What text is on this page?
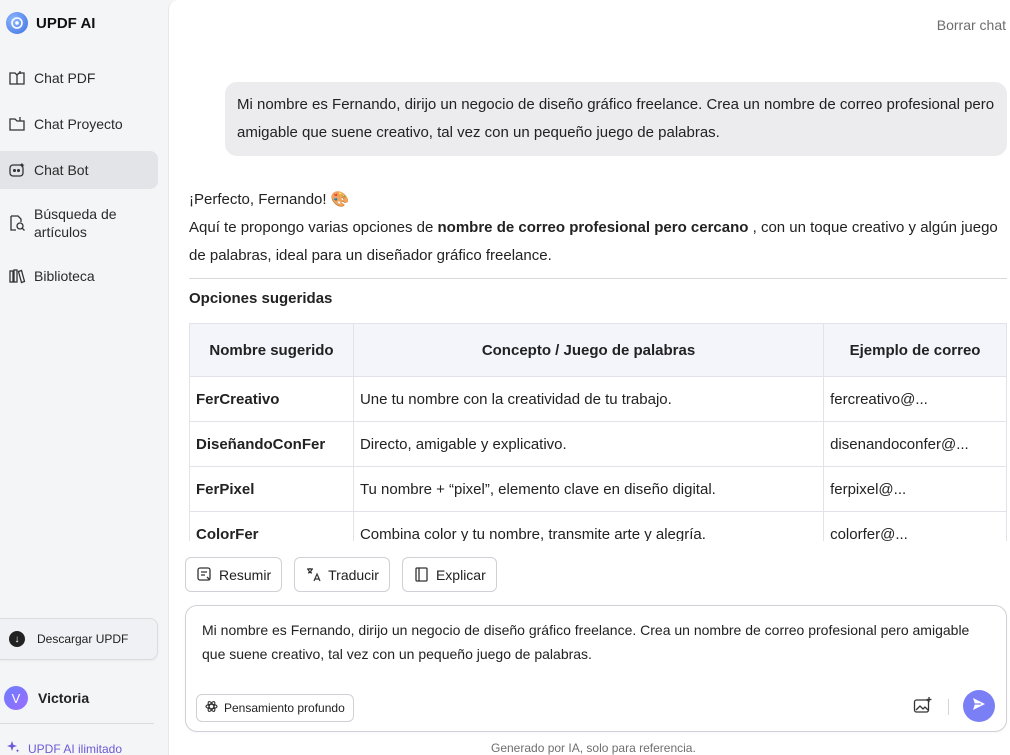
UPDF AI
Chat PDF
Chat Proyecto
Chat Bot
Búsqueda de
artículos
Biblioteca
↓	Descargar UPDF
V	Victoria
UPDF AI ilimitado
Borrar chat
Mi nombre es Fernando, dirijo un negocio de diseño gráfico freelance. Crea un nombre de correo profesional pero amigable que suene creativo, tal vez con un pequeño juego de palabras.
¡Perfecto, Fernando! 🎨
Aquí te propongo varias opciones de nombre de correo profesional pero cercano , con un toque creativo y algún juego de palabras, ideal para un diseñador gráfico freelance.
Opciones sugeridas
Nombre sugerido	Concepto / Juego de palabras	Ejemplo de correo
FerCreativo	Une tu nombre con la creatividad de tu trabajo.	fercreativo@...
DiseñandoConFer	Directo, amigable y explicativo.	disenandoconfer@...
FerPixel	Tu nombre + “pixel”, elemento clave en diseño digital.	ferpixel@...
ColorFer	Combina color y tu nombre, transmite arte y alegría.	colorfer@...
Resumir	Traducir	Explicar
Mi nombre es Fernando, dirijo un negocio de diseño gráfico freelance. Crea un nombre de correo profesional pero amigable que suene creativo, tal vez con un pequeño juego de palabras.
Pensamiento profundo
Generado por IA, solo para referencia.
